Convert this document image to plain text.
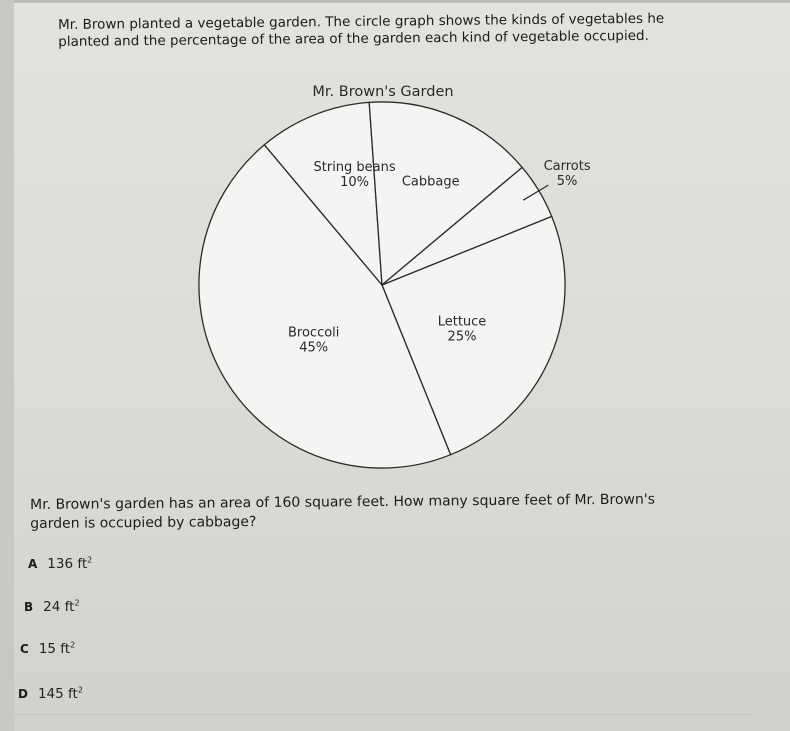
Mr. Brown planted a vegetable garden. The circle graph shows the kinds of vegetables he
planted and the percentage of the area of the garden each kind of vegetable occupied.
Mr. Brown's Garden
Lettuce
25%
Broccoli
45%
String beans
10%	Cabbage
Carrots
5%
Mr. Brown's garden has an area of 160 square feet. How many square feet of Mr. Brown's
garden is occupied by cabbage?
A 136 $ft^2$
B 24 $ft^2$
C 15 $ft^2$
D 145 $ft^2$
